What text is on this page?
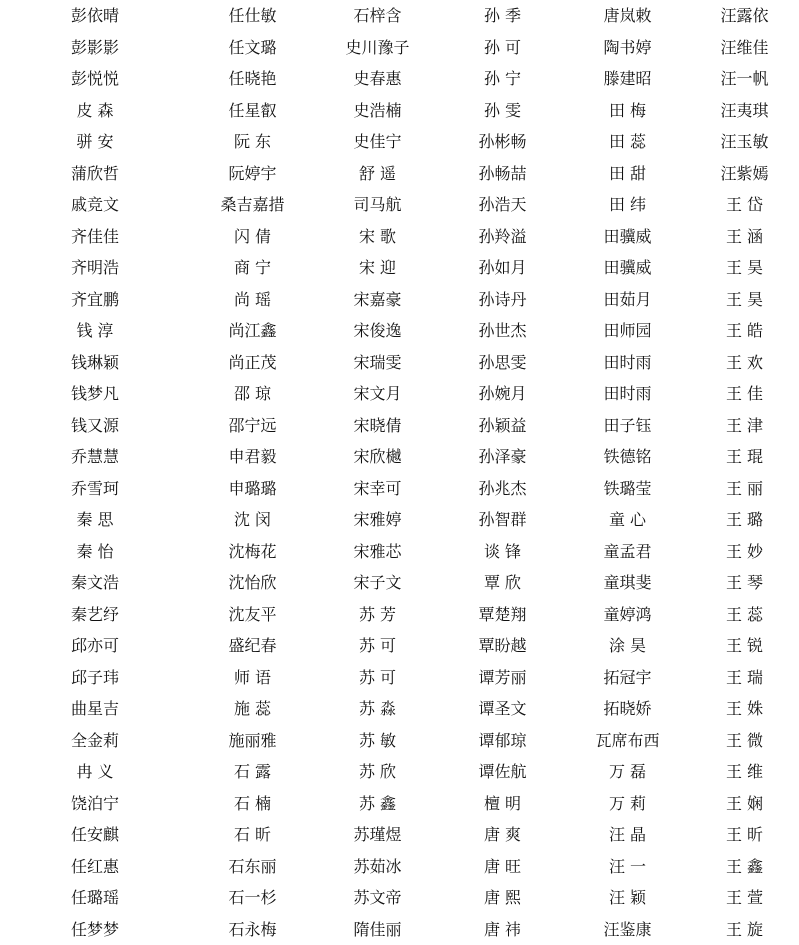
彭依晴	任仕敏	石梓含	孙 季	唐岚敕	汪露依
彭影影	任文璐	史川豫子	孙 可	陶书婷	汪维佳
彭悦悦	任晓艳	史春惠	孙 宁	滕建昭	汪一帆
皮 森	任星叡	史浩楠	孙 雯	田 梅	汪夷琪
骈 安	阮 东	史佳宁	孙彬畅	田 蕊	汪玉敏
蒲欣哲	阮婷宇	舒 遥	孙畅喆	田 甜	汪紫嫣
戚竞文	桑吉嘉措	司马航	孙浩天	田 纬	王 岱
齐佳佳	闪 倩	宋 歌	孙羚溢	田骥威	王 涵
齐明浩	商 宁	宋 迎	孙如月	田骥威	王 昊
齐宜鹏	尚 瑶	宋嘉豪	孙诗丹	田茹月	王 昊
钱 淳	尚江鑫	宋俊逸	孙世杰	田师园	王 皓
钱琳颖	尚正茂	宋瑞雯	孙思雯	田时雨	王 欢
钱梦凡	邵 琼	宋文月	孙婉月	田时雨	王 佳
钱又源	邵宁远	宋晓倩	孙颖益	田子钰	王 津
乔慧慧	申君毅	宋欣樾	孙泽豪	铁德铭	王 琨
乔雪珂	申璐璐	宋幸可	孙兆杰	铁璐莹	王 丽
秦 思	沈 闵	宋雅婷	孙智群	童 心	王 璐
秦 怡	沈梅花	宋雅芯	谈 锋	童孟君	王 妙
秦文浩	沈怡欣	宋子文	覃 欣	童琪斐	王 琴
秦艺纾	沈友平	苏 芳	覃楚翔	童婷鸿	王 蕊
邱亦可	盛纪春	苏 可	覃盼越	涂 昊	王 锐
邱子玮	师 语	苏 可	谭芳丽	拓冠宇	王 瑞
曲星吉	施 蕊	苏 淼	谭圣文	拓晓娇	王 姝
全金莉	施丽雅	苏 敏	谭郁琼	瓦席布西	王 微
冉 义	石 露	苏 欣	谭佐航	万 磊	王 维
饶泊宁	石 楠	苏 鑫	檀 明	万 莉	王 娴
任安麒	石 昕	苏瑾煜	唐 爽	汪 晶	王 昕
任红惠	石东丽	苏茹冰	唐 旺	汪 一	王 鑫
任璐瑶	石一杉	苏文帝	唐 熙	汪 颖	王 萱
任梦梦	石永梅	隋佳丽	唐 祎	汪鉴康	王 旋
